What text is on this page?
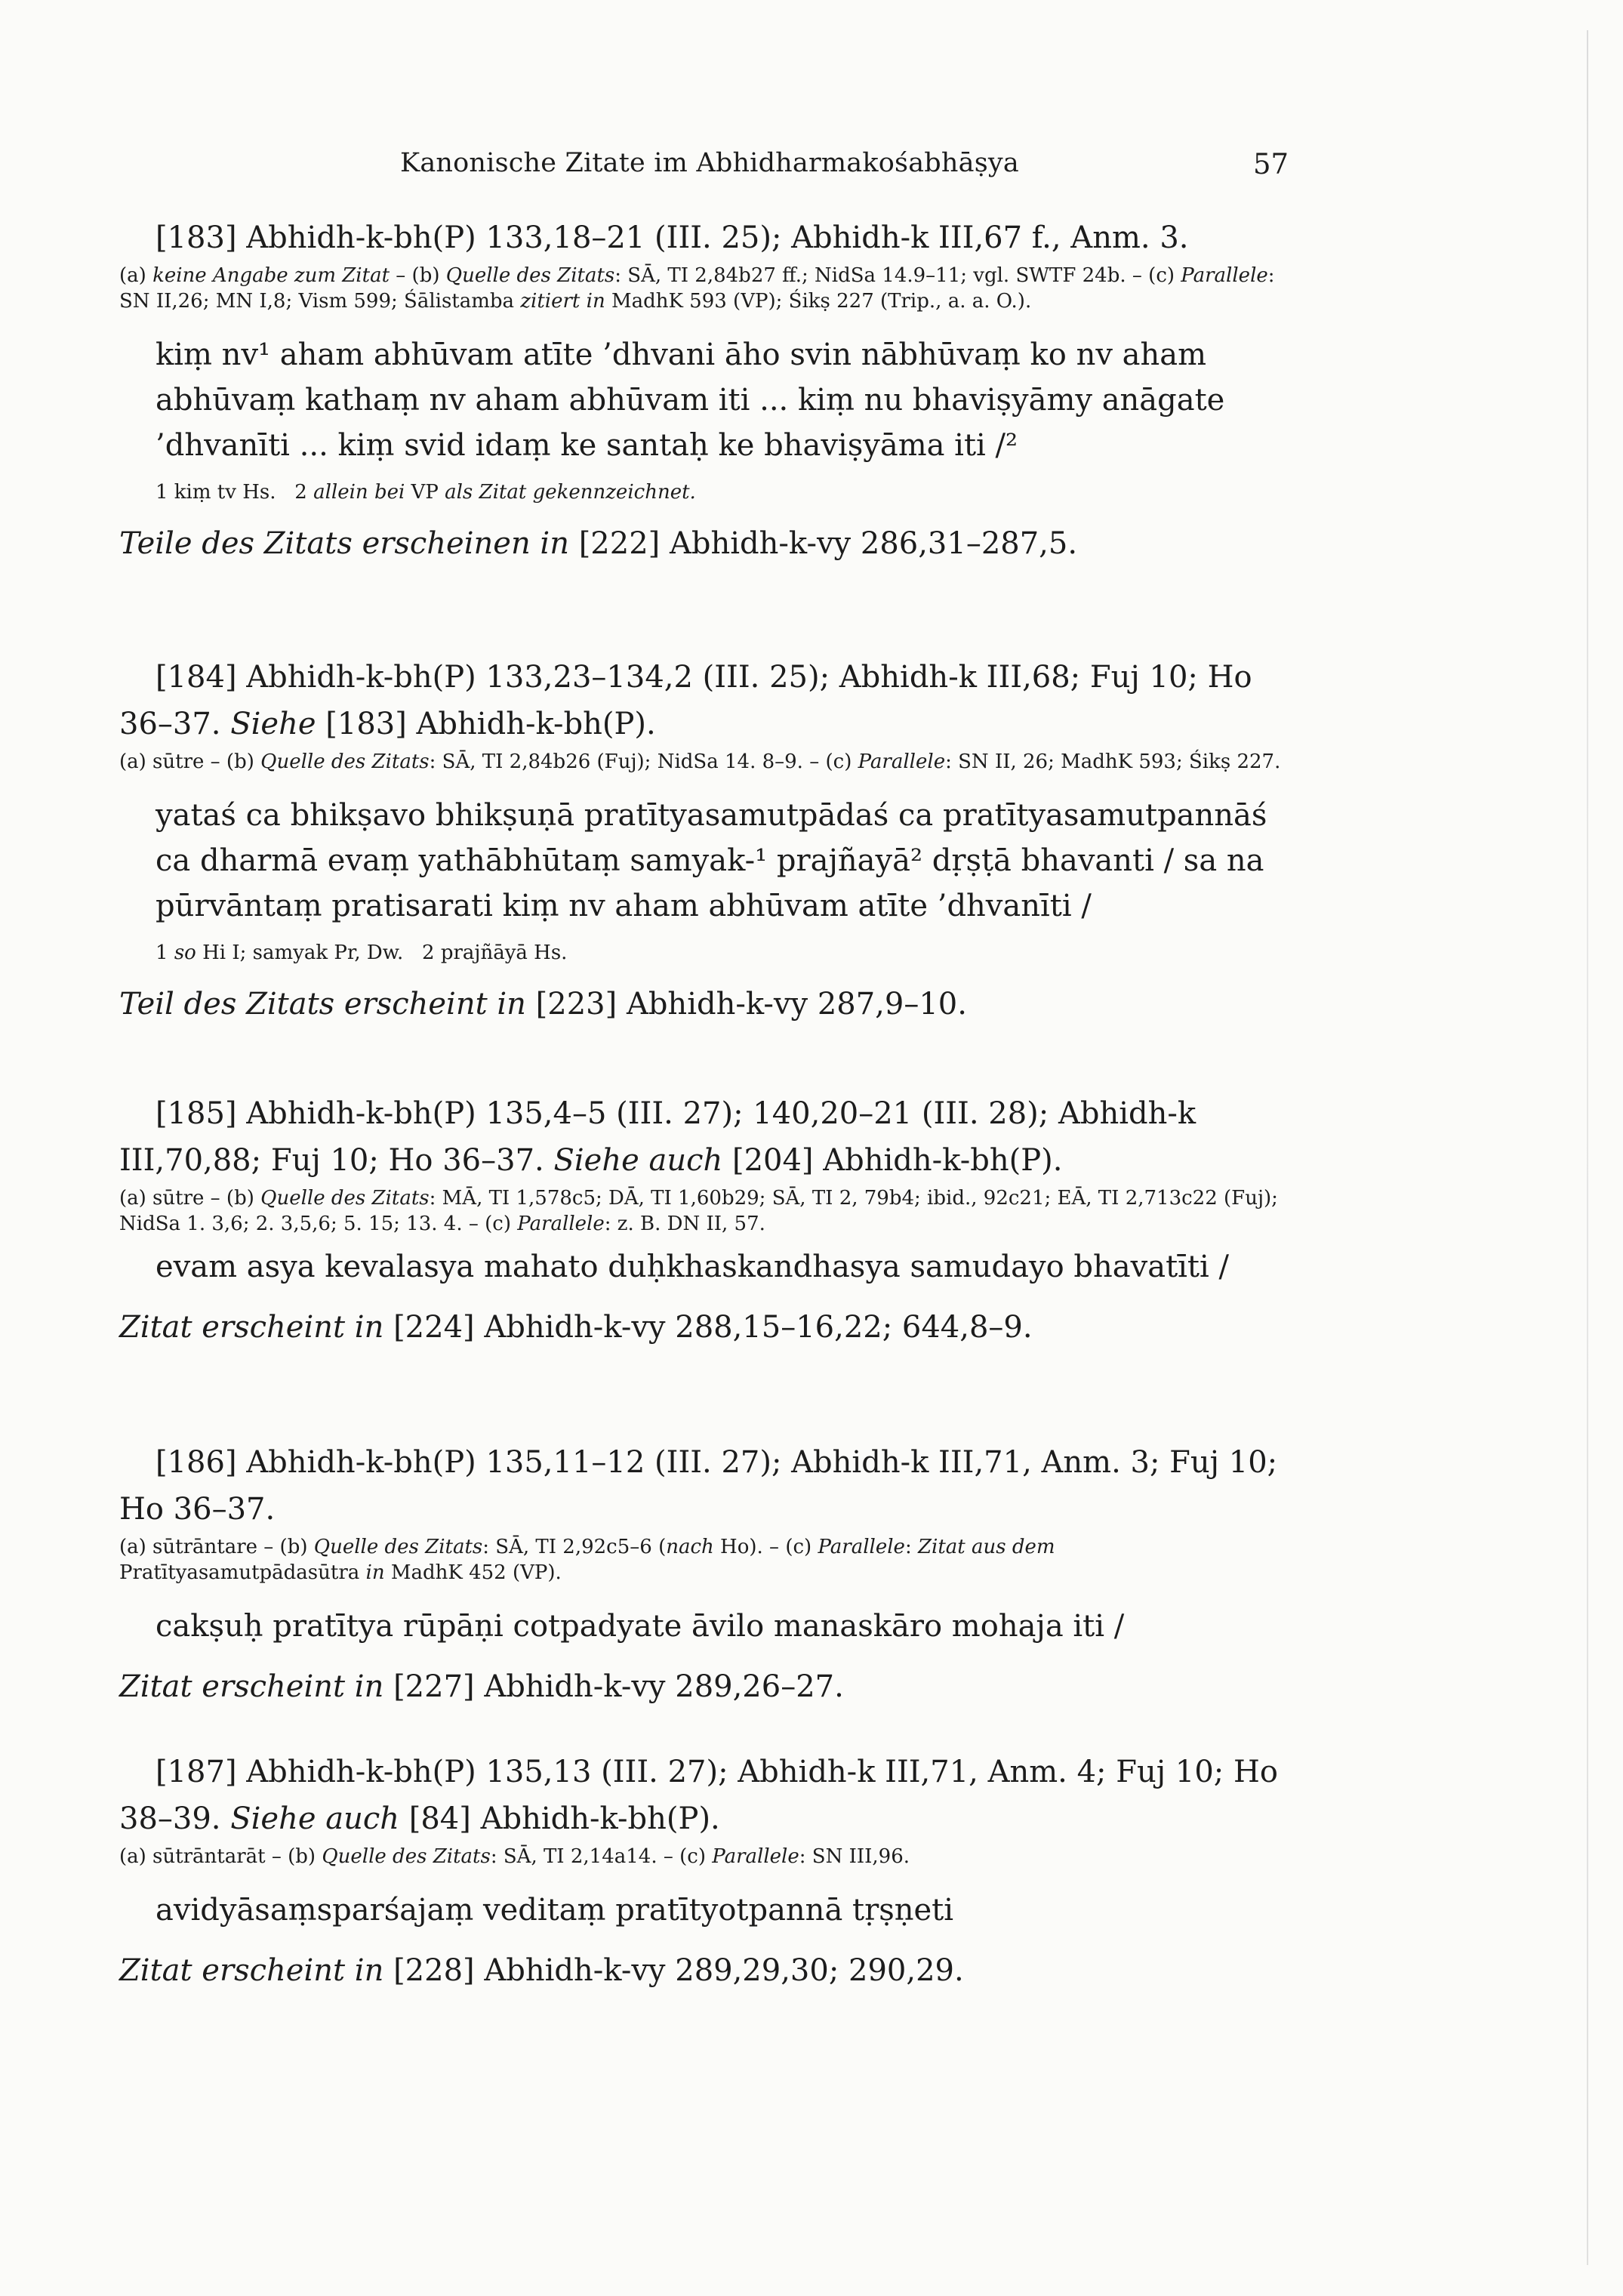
Kanonische Zitate im Abhidharmakośabhāṣya	57

[183] Abhidh-k-bh(P) 133,18–21 (III. 25); Abhidh-k III,67 f., Anm. 3.

(a) keine Angabe zum Zitat – (b) Quelle des Zitats: SĀ, TI 2,84b27 ff.; NidSa 14.9–11; vgl. SWTF 24b. – (c) Parallele: SN II,26; MN I,8; Vism 599; Śālistamba zitiert in MadhK 593 (VP); Śikṣ 227 (Trip., a. a. O.).

kiṃ nv¹ aham abhūvam atīte ’dhvani āho svin nābhūvaṃ ko nv aham abhūvaṃ kathaṃ nv aham abhūvam iti ... kiṃ nu bhaviṣyāmy anāgate ’dhvanīti ... kiṃ svid idaṃ ke santaḥ ke bhaviṣyāma iti /²

1 kiṃ tv Hs. 2 allein bei VP als Zitat gekennzeichnet.

Teile des Zitats erscheinen in [222] Abhidh-k-vy 286,31–287,5.

[184] Abhidh-k-bh(P) 133,23–134,2 (III. 25); Abhidh-k III,68; Fuj 10; Ho 36–37. Siehe [183] Abhidh-k-bh(P).

(a) sūtre – (b) Quelle des Zitats: SĀ, TI 2,84b26 (Fuj); NidSa 14. 8–9. – (c) Parallele: SN II, 26; MadhK 593; Śikṣ 227.

yataś ca bhikṣavo bhikṣuṇā pratītyasamutpādaś ca pratītyasamutpannāś ca dharmā evaṃ yathābhūtaṃ samyak-¹ prajñayā² dṛṣṭā bhavanti / sa na pūrvāntaṃ pratisarati kiṃ nv aham abhūvam atīte ’dhvanīti /

1 so Hi I; samyak Pr, Dw. 2 prajñāyā Hs.

Teil des Zitats erscheint in [223] Abhidh-k-vy 287,9–10.

[185] Abhidh-k-bh(P) 135,4–5 (III. 27); 140,20–21 (III. 28); Abhidh-k III,70,88; Fuj 10; Ho 36–37. Siehe auch [204] Abhidh-k-bh(P).

(a) sūtre – (b) Quelle des Zitats: MĀ, TI 1,578c5; DĀ, TI 1,60b29; SĀ, TI 2, 79b4; ibid., 92c21; EĀ, TI 2,713c22 (Fuj); NidSa 1. 3,6; 2. 3,5,6; 5. 15; 13. 4. – (c) Parallele: z. B. DN II, 57.

evam asya kevalasya mahato duḥkhaskandhasya samudayo bhavatīti /

Zitat erscheint in [224] Abhidh-k-vy 288,15–16,22; 644,8–9.

[186] Abhidh-k-bh(P) 135,11–12 (III. 27); Abhidh-k III,71, Anm. 3; Fuj 10; Ho 36–37.

(a) sūtrāntare – (b) Quelle des Zitats: SĀ, TI 2,92c5–6 (nach Ho). – (c) Parallele: Zitat aus dem Pratītyasamutpādasūtra in MadhK 452 (VP).

cakṣuḥ pratītya rūpāṇi cotpadyate āvilo manaskāro mohaja iti /

Zitat erscheint in [227] Abhidh-k-vy 289,26–27.

[187] Abhidh-k-bh(P) 135,13 (III. 27); Abhidh-k III,71, Anm. 4; Fuj 10; Ho 38–39. Siehe auch [84] Abhidh-k-bh(P).

(a) sūtrāntarāt – (b) Quelle des Zitats: SĀ, TI 2,14a14. – (c) Parallele: SN III,96.

avidyāsaṃsparśajaṃ veditaṃ pratītyotpannā tṛṣṇeti

Zitat erscheint in [228] Abhidh-k-vy 289,29,30; 290,29.
